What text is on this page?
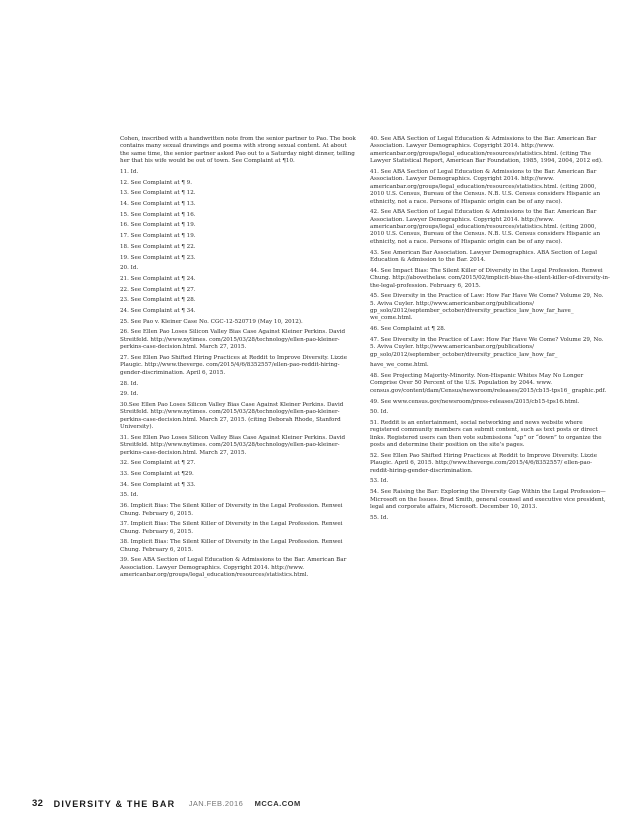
Cohen, inscribed with a handwritten note from the senior partner to Pao. The book contains many sexual drawings and poems with strong sexual content. At about the same time, the senior partner asked Pao out to a Saturday night dinner, telling her that his wife would be out of town. See Complaint at ¶10.

11. Id.

12. See Complaint at ¶ 9.

13. See Complaint at ¶ 12.

14. See Complaint at ¶ 13.

15. See Complaint at ¶ 16.

16. See Complaint at ¶ 19.

17. See Complaint at ¶ 19.

18. See Complaint at ¶ 22.

19. See Complaint at ¶ 23.

20. Id.

21. See Complaint at ¶ 24.

22. See Complaint at ¶ 27.

23. See Complaint at ¶ 28.

24. See Complaint at ¶ 34.

25. See Pao v. Kleiner Case No. CGC-12-520719 (May 10, 2012).

26. See Ellen Pao Loses Silicon Valley Bias Case Against Kleiner Perkins. David Streitfeld. http://www.nytimes. com/2015/03/28/technology/ellen-pao-kleiner-perkins-case-decision.html. March 27, 2015.

27. See Ellen Pao Shifted Hiring Practices at Reddit to Improve Diversity. Lizzie Plaugic. http://www.theverge. com/2015/4/6/8352557/ellen-pao-reddit-hiring-gender-discrimination. April 6, 2015.

28. Id.

29. Id.

30.See Ellen Pao Loses Silicon Valley Bias Case Against Kleiner Perkins. David Streitfeld. http://www.nytimes. com/2015/03/28/technology/ellen-pao-kleiner-perkins-case-decision.html. March 27, 2015. (citing Deborah Rhode, Stanford University).

31. See Ellen Pao Loses Silicon Valley Bias Case Against Kleiner Perkins. David Streitfeld. http://www.nytimes. com/2015/03/28/technology/ellen-pao-kleiner-perkins-case-decision.html. March 27, 2015.

32. See Complaint at ¶ 27.

33. See Complaint at ¶29.

34. See Complaint at ¶ 33.

35. Id.

36. Implicit Bias: The Silent Killer of Diversity in the Legal Profession. Renwei Chung. February 6, 2015.

37. Implicit Bias: The Silent Killer of Diversity in the Legal Profession. Renwei Chung. February 6, 2015.

38. Implicit Bias: The Silent Killer of Diversity in the Legal Profession. Renwei Chung. February 6, 2015.

39. See ABA Section of Legal Education & Admissions to the Bar. American Bar Association. Lawyer Demographics. Copyright 2014. http://www. americanbar.org/groups/legal_education/resources/statistics.html.

40. See ABA Section of Legal Education & Admissions to the Bar. American Bar Association. Lawyer Demographics. Copyright 2014. http://www. americanbar.org/groups/legal_education/resources/statistics.html. (citing The Lawyer Statistical Report, American Bar Foundation, 1985, 1994, 2004, 2012 ed).

41. See ABA Section of Legal Education & Admissions to the Bar. American Bar Association. Lawyer Demographics. Copyright 2014. http://www. americanbar.org/groups/legal_education/resources/statistics.html. (citing 2000, 2010 U.S. Census, Bureau of the Census. N.B. U.S. Census considers Hispanic an ethnicity, not a race. Persons of Hispanic origin can be of any race).

42. See ABA Section of Legal Education & Admissions to the Bar. American Bar Association. Lawyer Demographics. Copyright 2014. http://www. americanbar.org/groups/legal_education/resources/statistics.html. (citing 2000, 2010 U.S. Census, Bureau of the Census. N.B. U.S. Census considers Hispanic an ethnicity, not a race. Persons of Hispanic origin can be of any race).

43. See American Bar Association. Lawyer Demographics. ABA Section of Legal Education & Admission to the Bar. 2014.

44. See Impact Bias: The Silent Killer of Diversity in the Legal Profession. Renwei Chung. http://abovethelaw. com/2015/02/implicit-bias-the-silent-killer-of-diversity-in-the-legal-profession. February 6, 2015.

45. See Diversity in the Practice of Law: How Far Have We Come? Volume 29, No. 5. Aviva Cuyler. http://www.americanbar.org/publications/ gp_solo/2012/september_october/diversity_practice_law_how_far_have_ we_come.html.

46. See Complaint at ¶ 28.

47. See Diversity in the Practice of Law: How Far Have We Come? Volume 29, No. 5. Aviva Cuyler. http://www.americanbar.org/publications/ gp_solo/2012/september_october/diversity_practice_law_how_far_

have_we_come.html.

48. See Projecting Majority-Minority. Non-Hispanic Whites May No Longer Comprise Over 50 Percent of the U.S. Population by 2044. www. census.gov/content/dam/Census/newsroom/releases/2015/cb15-tps16_ graphic.pdf.

49. See www.census.gov/newsroom/press-releases/2015/cb15-tps16.html.

50. Id.

51. Reddit is an entertainment, social networking and news website where registered community members can submit content, such as text posts or direct links. Registered users can then vote submissions “up” or “down” to organize the posts and determine their position on the site’s pages.

52. See Ellen Pao Shifted Hiring Practices at Reddit to Improve Diversity. Lizzie Plaugic. April 6, 2015. http://www.theverge.com/2015/4/6/8352557/ ellen-pao-reddit-hiring-gender-discrimination.

53. Id.

54. See Raising the Bar: Exploring the Diversity Gap Within the Legal Profession—Microsoft on the Issues. Brad Smith, general counsel and executive vice president, legal and corporate affairs, Microsoft. December 10, 2013.

55. Id.

32 DIVERSITY & THE BAR JAN.FEB.2016 MCCA.COM
